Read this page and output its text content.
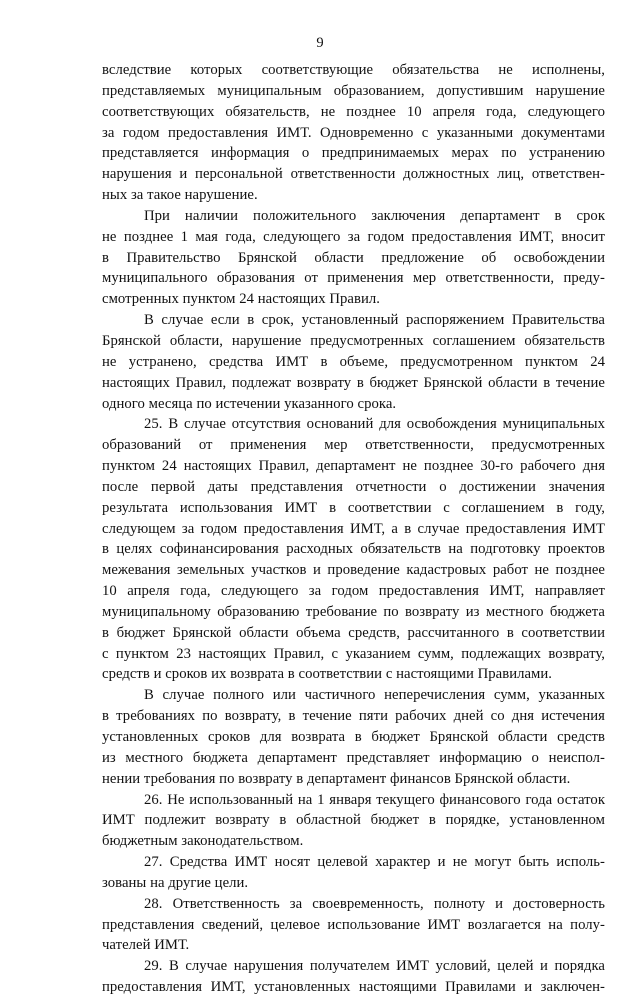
9
вследствие которых соответствующие обязательства не исполнены,
представляемых муниципальным образованием, допустившим нарушение
соответствующих обязательств, не позднее 10 апреля года, следующего
за годом предоставления ИМТ. Одновременно с указанными документами
представляется информация о предпринимаемых мерах по устранению
нарушения и персональной ответственности должностных лиц, ответствен-
ных за такое нарушение.
При наличии положительного заключения департамент в срок
не позднее 1 мая года, следующего за годом предоставления ИМТ, вносит
в Правительство Брянской области предложение об освобождении
муниципального образования от применения мер ответственности, преду-
смотренных пунктом 24 настоящих Правил.
В случае если в срок, установленный распоряжением Правительства
Брянской области, нарушение предусмотренных соглашением обязательств
не устранено, средства ИМТ в объеме, предусмотренном пунктом 24
настоящих Правил, подлежат возврату в бюджет Брянской области в течение
одного месяца по истечении указанного срока.
25. В случае отсутствия оснований для освобождения муниципальных
образований от применения мер ответственности, предусмотренных
пунктом 24 настоящих Правил, департамент не позднее 30-го рабочего дня
после первой даты представления отчетности о достижении значения
результата использования ИМТ в соответствии с соглашением в году,
следующем за годом предоставления ИМТ, а в случае предоставления ИМТ
в целях софинансирования расходных обязательств на подготовку проектов
межевания земельных участков и проведение кадастровых работ не позднее
10 апреля года, следующего за годом предоставления ИМТ, направляет
муниципальному образованию требование по возврату из местного бюджета
в бюджет Брянской области объема средств, рассчитанного в соответствии
с пунктом 23 настоящих Правил, с указанием сумм, подлежащих возврату,
средств и сроков их возврата в соответствии с настоящими Правилами.
В случае полного или частичного неперечисления сумм, указанных
в требованиях по возврату, в течение пяти рабочих дней со дня истечения
установленных сроков для возврата в бюджет Брянской области средств
из местного бюджета департамент представляет информацию о неиспол-
нении требования по возврату в департамент финансов Брянской области.
26. Не использованный на 1 января текущего финансового года остаток
ИМТ подлежит возврату в областной бюджет в порядке, установленном
бюджетным законодательством.
27. Средства ИМТ носят целевой характер и не могут быть исполь-
зованы на другие цели.
28. Ответственность за своевременность, полноту и достоверность
представления сведений, целевое использование ИМТ возлагается на полу-
чателей ИМТ.
29. В случае нарушения получателем ИМТ условий, целей и порядка
предоставления ИМТ, установленных настоящими Правилами и заключен-
